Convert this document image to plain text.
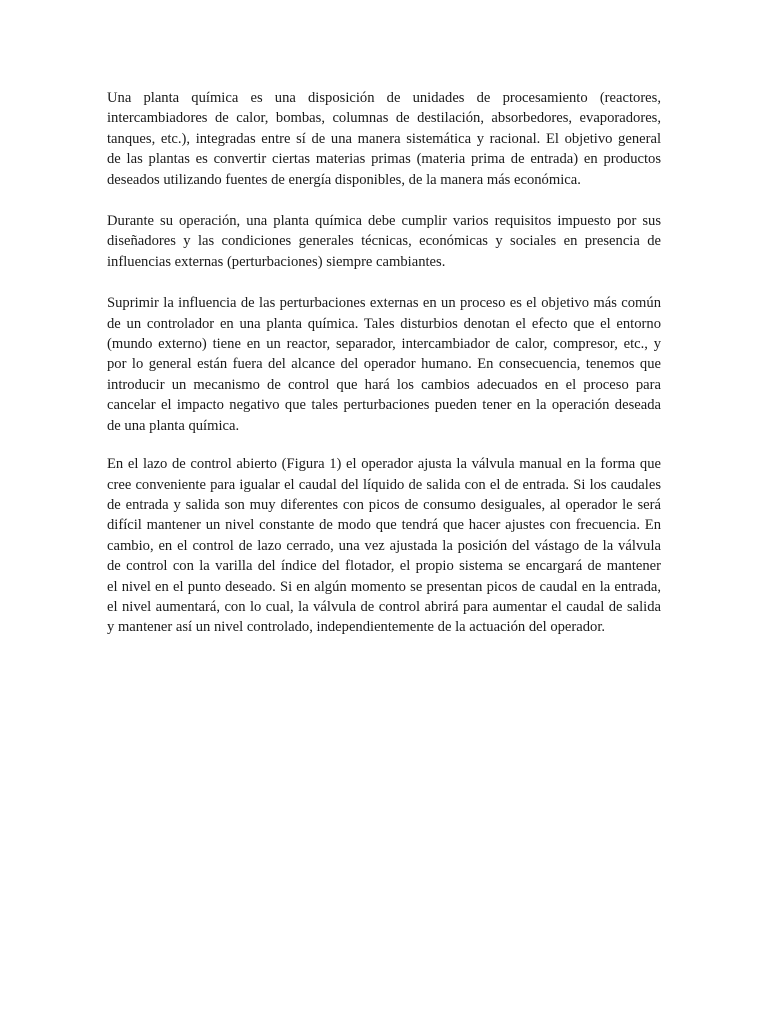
Una planta química es una disposición de unidades de procesamiento (reactores,
intercambiadores de calor, bombas, columnas de destilación, absorbedores, evaporadores,
tanques, etc.), integradas entre sí de una manera sistemática y racional. El objetivo general
de las plantas es convertir ciertas materias primas (materia prima de entrada) en productos
deseados utilizando fuentes de energía disponibles, de la manera más económica.

Durante su operación, una planta química debe cumplir varios requisitos impuesto por sus
diseñadores y las condiciones generales técnicas, económicas y sociales en presencia de
influencias externas (perturbaciones) siempre cambiantes.

Suprimir la influencia de las perturbaciones externas en un proceso es el objetivo más común
de un controlador en una planta química. Tales disturbios denotan el efecto que el entorno
(mundo externo) tiene en un reactor, separador, intercambiador de calor, compresor, etc., y
por lo general están fuera del alcance del operador humano. En consecuencia, tenemos que
introducir un mecanismo de control que hará los cambios adecuados en el proceso para
cancelar el impacto negativo que tales perturbaciones pueden tener en la operación deseada
de una planta química.

En el lazo de control abierto (Figura 1) el operador ajusta la válvula manual en la forma que
cree conveniente para igualar el caudal del líquido de salida con el de entrada. Si los caudales
de entrada y salida son muy diferentes con picos de consumo desiguales, al operador le será
difícil mantener un nivel constante de modo que tendrá que hacer ajustes con frecuencia. En
cambio, en el control de lazo cerrado, una vez ajustada la posición del vástago de la válvula
de control con la varilla del índice del flotador, el propio sistema se encargará de mantener
el nivel en el punto deseado. Si en algún momento se presentan picos de caudal en la entrada,
el nivel aumentará, con lo cual, la válvula de control abrirá para aumentar el caudal de salida
y mantener así un nivel controlado, independientemente de la actuación del operador.
